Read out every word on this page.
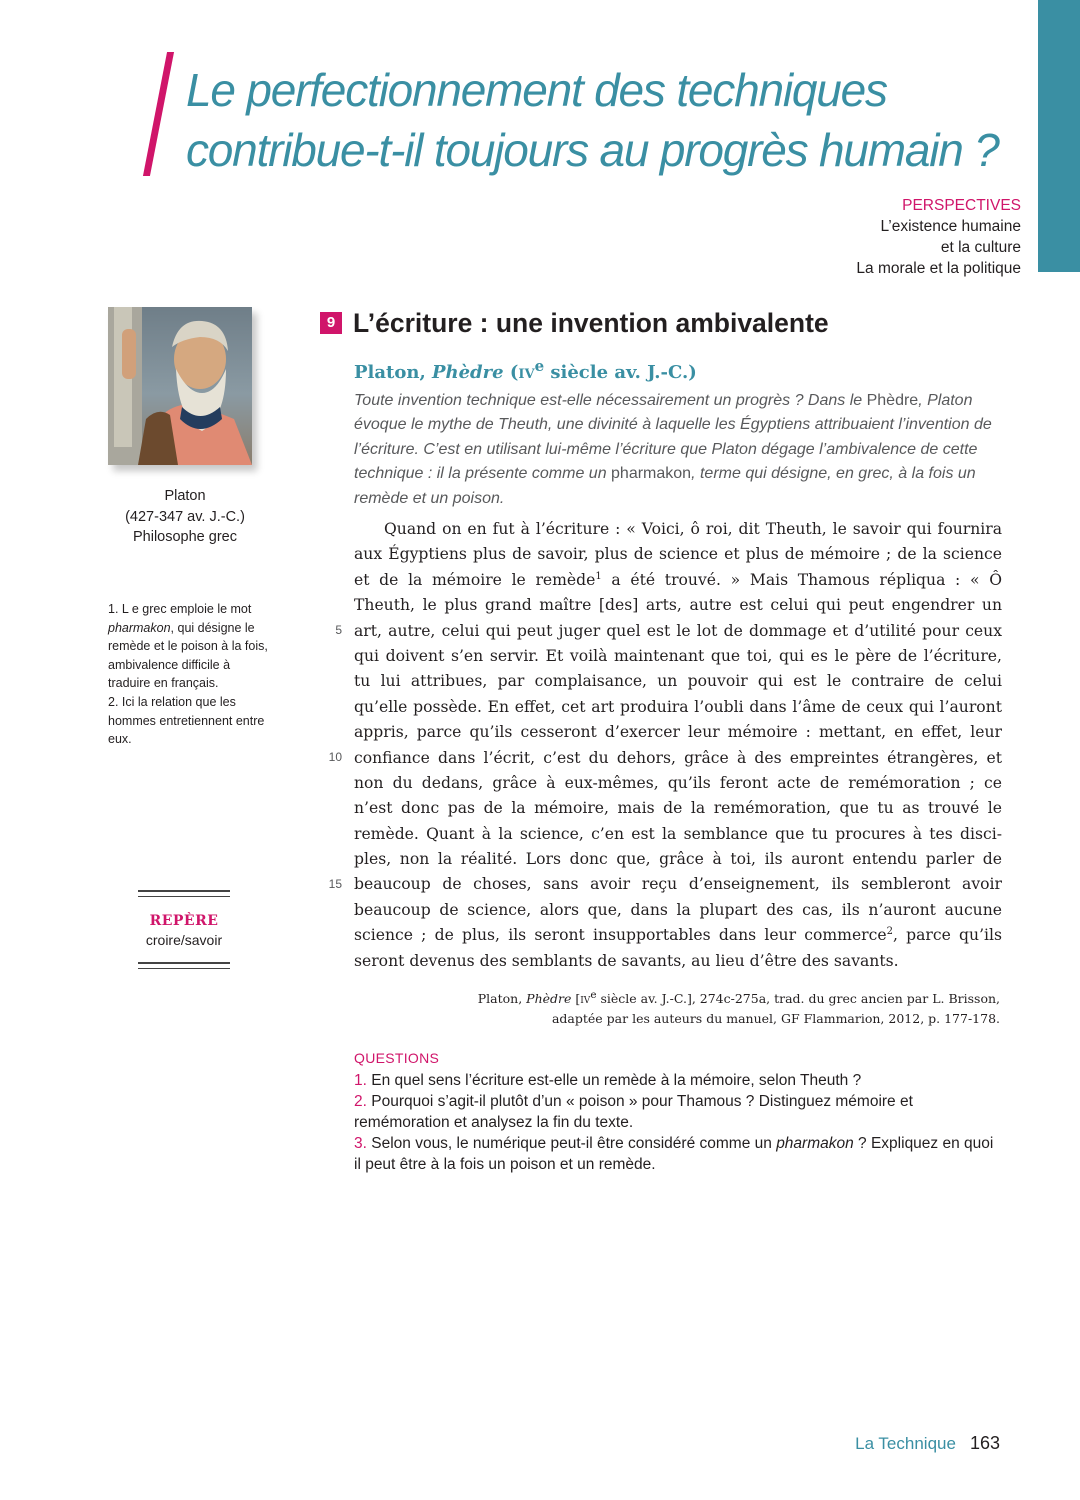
Le perfectionnement des techniques
contribue-t-il toujours au progrès humain ?
PERSPECTIVES
L’existence humaine
et la culture
La morale et la politique
Platon
(427-347 av. J.-C.)
Philosophe grec

1. L e grec emploie le mot pharmakon, qui désigne le remède et le poison à la fois, ambivalence difficile à traduire en français.

2. Ici la relation que les hommes entretiennent entre eux.

REPÈRE
croire/savoir
9 L’écriture : une invention ambivalente
Platon, Phèdre ($iv^e$ siècle av. J.-C.)

Toute invention technique est-elle nécessairement un progrès ? Dans le Phèdre, Platon évoque le mythe de Theuth, une divinité à laquelle les Égyptiens attribuaient l’invention de l’écriture. C’est en utilisant lui-même l’écriture que Platon dégage l’ambivalence de cette technique : il la présente comme un pharmakon, terme qui désigne, en grec, à la fois un remède et un poison.

Quand on en fut à l’écriture : « Voici, ô roi, dit Theuth, le savoir qui fournira
aux Égyptiens plus de savoir, plus de science et plus de mémoire ; de la science
et de la mémoire le remède$^1$ a été trouvé. » Mais Thamous répliqua : « Ô
Theuth, le plus grand maître [des] arts, autre est celui qui peut engendrer un
art, autre, celui qui peut juger quel est le lot de dommage et d’utilité pour ceux
qui doivent s’en servir. Et voilà maintenant que toi, qui es le père de l’écriture,
tu lui attribues, par complaisance, un pouvoir qui est le contraire de celui
qu’elle possède. En effet, cet art produira l’oubli dans l’âme de ceux qui l’auront
appris, parce qu’ils cesseront d’exercer leur mémoire : mettant, en effet, leur
confiance dans l’écrit, c’est du dehors, grâce à des empreintes étrangères, et
non du dedans, grâce à eux-mêmes, qu’ils feront acte de remémoration ; ce
n’est donc pas de la mémoire, mais de la remémoration, que tu as trouvé le
remède. Quant à la science, c’en est la semblance que tu procures à tes disci-
ples, non la réalité. Lors donc que, grâce à toi, ils auront entendu parler de
beaucoup de choses, sans avoir reçu d’enseignement, ils sembleront avoir
beaucoup de science, alors que, dans la plupart des cas, ils n’auront aucune
science ; de plus, ils seront insupportables dans leur commerce$^2$, parce qu’ils
seront devenus des semblants de savants, au lieu d’être des savants.
5
10
15
Platon, Phèdre [$iv^e$ siècle av. J.-C.], 274c-275a, trad. du grec ancien par L. Brisson,
adaptée par les auteurs du manuel, GF Flammarion, 2012, p. 177-178.
QUESTIONS

1. En quel sens l’écriture est-elle un remède à la mémoire, selon Theuth ?

2. Pourquoi s’agit-il plutôt d’un « poison » pour Thamous ? Distinguez mémoire et remémoration et analysez la fin du texte.

3. Selon vous, le numérique peut-il être considéré comme un pharmakon ? Expliquez en quoi il peut être à la fois un poison et un remède.

La Technique 163
